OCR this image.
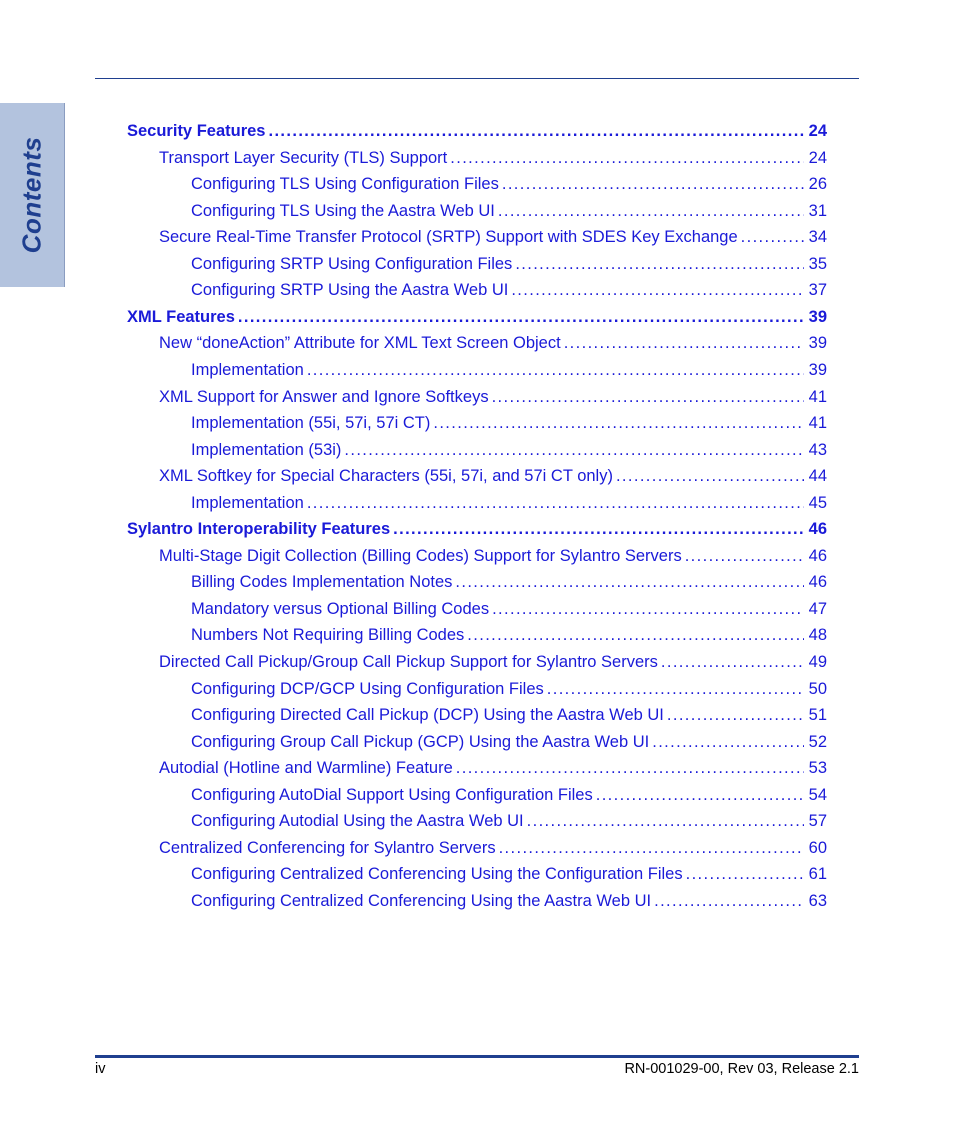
Contents
Security Features . . .	24
Transport Layer Security (TLS) Support . . .	24
Configuring TLS Using Configuration Files . . .	26
Configuring TLS Using the Aastra Web UI . . .	31
Secure Real-Time Transfer Protocol (SRTP) Support with SDES Key Exchange . . .	34
Configuring SRTP Using Configuration Files . . .	35
Configuring SRTP Using the Aastra Web UI . . .	37
XML Features . . .	39
New “doneAction” Attribute for XML Text Screen Object . . .	39
Implementation . . .	39
XML Support for Answer and Ignore Softkeys . . .	41
Implementation (55i, 57i, 57i CT) . . .	41
Implementation (53i) . . .	43
XML Softkey for Special Characters (55i, 57i, and 57i CT only) . . .	44
Implementation . . .	45
Sylantro Interoperability Features . . .	46
Multi-Stage Digit Collection (Billing Codes) Support for Sylantro Servers . . .	46
Billing Codes Implementation Notes . . .	46
Mandatory versus Optional Billing Codes . . .	47
Numbers Not Requiring Billing Codes . . .	48
Directed Call Pickup/Group Call Pickup Support for Sylantro Servers . . .	49
Configuring DCP/GCP Using Configuration Files . . .	50
Configuring Directed Call Pickup (DCP) Using the Aastra Web UI . . .	51
Configuring Group Call Pickup (GCP) Using the Aastra Web UI . . .	52
Autodial (Hotline and Warmline) Feature . . .	53
Configuring AutoDial Support Using Configuration Files . . .	54
Configuring Autodial Using the Aastra Web UI . . .	57
Centralized Conferencing for Sylantro Servers . . .	60
Configuring Centralized Conferencing Using the Configuration Files . . .	61
Configuring Centralized Conferencing Using the Aastra Web UI . . .	63
iv	RN-001029-00, Rev 03, Release 2.1
